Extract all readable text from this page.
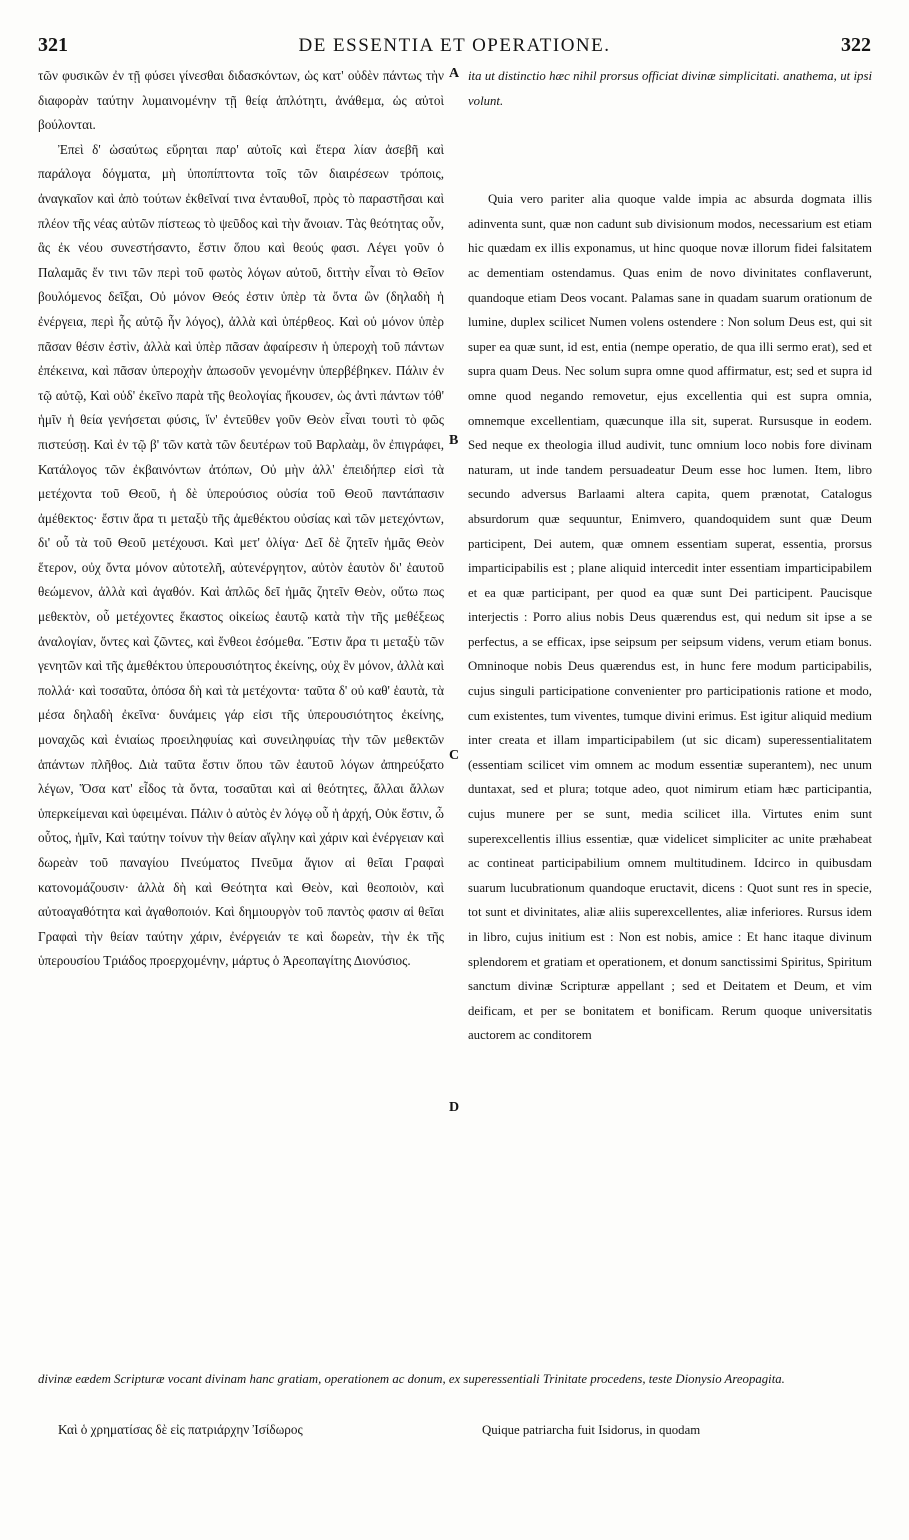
321	DE ESSENTIA ET OPERATIONE.	322

τῶν φυσικῶν ἐν τῇ φύσει γίνεσθαι διδασκόντων, ὡς κατ' οὐδὲν πάντως τὴν διαφορὰν ταύτην λυμαινομένην τῇ θείᾳ ἁπλότητι, ἀνάθεμα, ὡς αὐτοὶ βούλονται.

Ἐπεὶ δ' ὡσαύτως εὕρηται παρ' αὐτοῖς καὶ ἕτερα λίαν ἀσεβῆ καὶ παράλογα δόγματα, μὴ ὑποπίπτοντα τοῖς τῶν διαιρέσεων τρόποις, ἀναγκαῖον καὶ ἀπὸ τούτων ἐκθεῖναί τινα ἐνταυθοῖ, πρὸς τὸ παραστῆσαι καὶ πλέον τῆς νέας αὐτῶν πίστεως τὸ ψεῦδος καὶ τὴν ἄνοιαν. Τὰς θεότητας οὖν, ἃς ἐκ νέου συνεστήσαντο, ἔστιν ὅπου καὶ θεούς φασι. Λέγει γοῦν ὁ Παλαμᾶς ἔν τινι τῶν περὶ τοῦ φωτὸς λόγων αὐτοῦ, διττὴν εἶναι τὸ Θεῖον βουλόμενος δεῖξαι, Οὐ μόνον Θεός ἐστιν ὑπὲρ τὰ ὄντα ὢν (δηλαδὴ ἡ ἐνέργεια, περὶ ἧς αὐτῷ ἦν λόγος), ἀλλὰ καὶ ὑπέρθεος. Καὶ οὐ μόνον ὑπὲρ πᾶσαν θέσιν ἐστὶν, ἀλλὰ καὶ ὑπὲρ πᾶσαν ἀφαίρεσιν ἡ ὑπεροχὴ τοῦ πάντων ἐπέκεινα, καὶ πᾶσαν ὑπεροχὴν ἀπωσοῦν γενομένην ὑπερβέβηκεν. Πάλιν ἐν τῷ αὐτῷ, Καὶ οὐδ' ἐκεῖνο παρὰ τῆς θεολογίας ἤκουσεν, ὡς ἀντὶ πάντων τόθ' ἡμῖν ἡ θεία γενήσεται φύσις, ἵν' ἐντεῦθεν γοῦν Θεὸν εἶναι τουτὶ τὸ φῶς πιστεύσῃ. Καὶ ἐν τῷ β' τῶν κατὰ τῶν δευτέρων τοῦ Βαρλαὰμ, ὃν ἐπιγράφει, Κατάλογος τῶν ἐκβαινόντων ἀτόπων, Οὐ μὴν ἀλλ' ἐπειδήπερ εἰσὶ τὰ μετέχοντα τοῦ Θεοῦ, ἡ δὲ ὑπερούσιος οὐσία τοῦ Θεοῦ παντάπασιν ἀμέθεκτος· ἔστιν ἄρα τι μεταξὺ τῆς ἀμεθέκτου οὐσίας καὶ τῶν μετεχόντων, δι' οὗ τὰ τοῦ Θεοῦ μετέχουσι. Καὶ μετ' ὀλίγα· Δεῖ δὲ ζητεῖν ἡμᾶς Θεὸν ἕτερον, οὐχ ὄντα μόνον αὐτοτελῆ, αὐτενέργητον, αὐτὸν ἑαυτὸν δι' ἑαυτοῦ θεώμενον, ἀλλὰ καὶ ἀγαθόν. Καὶ ἁπλῶς δεῖ ἡμᾶς ζητεῖν Θεὸν, οὕτω πως μεθεκτὸν, οὗ μετέχοντες ἕκαστος οἰκείως ἑαυτῷ κατὰ τὴν τῆς μεθέξεως ἀναλογίαν, ὄντες καὶ ζῶντες, καὶ ἔνθεοι ἐσόμεθα. Ἔστιν ἄρα τι μεταξὺ τῶν γενητῶν καὶ τῆς ἀμεθέκτου ὑπερουσιότητος ἐκείνης, οὐχ ἓν μόνον, ἀλλὰ καὶ πολλά· καὶ τοσαῦτα, ὁπόσα δὴ καὶ τὰ μετέχοντα· ταῦτα δ' οὐ καθ' ἑαυτὰ, τὰ μέσα δηλαδὴ ἐκεῖνα· δυνάμεις γάρ εἰσι τῆς ὑπερουσιότητος ἐκείνης, μοναχῶς καὶ ἑνιαίως προειληφυίας καὶ συνειληφυίας τὴν τῶν μεθεκτῶν ἁπάντων πλῆθος. Διὰ ταῦτα ἔστιν ὅπου τῶν ἑαυτοῦ λόγων ἀπηρεύξατο λέγων, Ὅσα κατ' εἶδος τὰ ὄντα, τοσαῦται καὶ αἱ θεότητες, ἄλλαι ἄλλων ὑπερκείμεναι καὶ ὑφειμέναι. Πάλιν ὁ αὐτὸς ἐν λόγῳ οὗ ἡ ἀρχή, Οὐκ ἔστιν, ὦ οὗτος, ἡμῖν, Καὶ ταύτην τοίνυν τὴν θείαν αἴγλην καὶ χάριν καὶ ἐνέργειαν καὶ δωρεὰν τοῦ παναγίου Πνεύματος Πνεῦμα ἅγιον αἱ θεῖαι Γραφαὶ κατονομάζουσιν· ἀλλὰ δὴ καὶ Θεότητα καὶ Θεὸν, καὶ θεοποιὸν, καὶ αὐτοαγαθότητα καὶ ἀγαθοποιόν. Καὶ δημιουργὸν τοῦ παντὸς φασιν αἱ θεῖαι Γραφαὶ τὴν θείαν ταύτην χάριν, ἐνέργειάν τε καὶ δωρεὰν, τὴν ἐκ τῆς ὑπερουσίου Τριάδος προερχομένην, μάρτυς ὁ Ἀρεοπαγίτης Διονύσιος.

A
B
C
D

ita ut distinctio hæc nihil prorsus officiat divinæ simplicitati. anathema, ut ipsi volunt.

Quia vero pariter alia quoque valde impia ac absurda dogmata illis adinventa sunt, quæ non cadunt sub divisionum modos, necessarium est etiam hic quædam ex illis exponamus, ut hinc quoque novæ illorum fidei falsitatem ac dementiam ostendamus. Quas enim de novo divinitates conflaverunt, quandoque etiam Deos vocant. Palamas sane in quadam suarum orationum de lumine, duplex scilicet Numen volens ostendere : Non solum Deus est, qui sit super ea quæ sunt, id est, entia (nempe operatio, de qua illi sermo erat), sed et supra quam Deus. Nec solum supra omne quod affirmatur, est; sed et supra id omne quod negando removetur, ejus excellentia qui est supra omnia, omnemque excellentiam, quæcunque illa sit, superat. Rursusque in eodem. Sed neque ex theologia illud audivit, tunc omnium loco nobis fore divinam naturam, ut inde tandem persuadeatur Deum esse hoc lumen. Item, libro secundo adversus Barlaami altera capita, quem prænotat, Catalogus absurdorum quæ sequuntur, Enimvero, quandoquidem sunt quæ Deum participent, Dei autem, quæ omnem essentiam superat, essentia, prorsus imparticipabilis est ; plane aliquid intercedit inter essentiam imparticipabilem et ea quæ participant, per quod ea quæ sunt Dei participent. Paucisque interjectis : Porro alius nobis Deus quærendus est, qui nedum sit ipse a se perfectus, a se efficax, ipse seipsum per seipsum videns, verum etiam bonus. Omninoque nobis Deus quærendus est, in hunc fere modum participabilis, cujus singuli participatione convenienter pro participationis ratione et modo, cum existentes, tum viventes, tumque divini erimus. Est igitur aliquid medium inter creata et illam imparticipabilem (ut sic dicam) superessentialitatem (essentiam scilicet vim omnem ac modum essentiæ superantem), nec unum duntaxat, sed et plura; totque adeo, quot nimirum etiam hæc participantia, cujus munere per se sunt, media scilicet illa. Virtutes enim sunt superexcellentis illius essentiæ, quæ videlicet simpliciter ac unite præhabeat ac contineat participabilium omnem multitudinem. Idcirco in quibusdam suarum lucubrationum quandoque eructavit, dicens : Quot sunt res in specie, tot sunt et divinitates, aliæ aliis superexcellentes, aliæ inferiores. Rursus idem in libro, cujus initium est : Non est nobis, amice : Et hanc itaque divinum splendorem et gratiam et operationem, et donum sanctissimi Spiritus, Spiritum sanctum divinæ Scripturæ appellant ; sed et Deitatem et Deum, et vim deificam, et per se bonitatem et bonificam. Rerum quoque universitatis auctorem ac conditorem

divinæ eædem Scripturæ vocant divinam hanc gratiam, operationem ac donum, ex superessentiali Trinitate procedens, teste Dionysio Areopagita.
Καὶ ὁ χρηματίσας δὲ εἰς πατριάρχην Ἰσίδωρος	Quique patriarcha fuit Isidorus, in quodam
